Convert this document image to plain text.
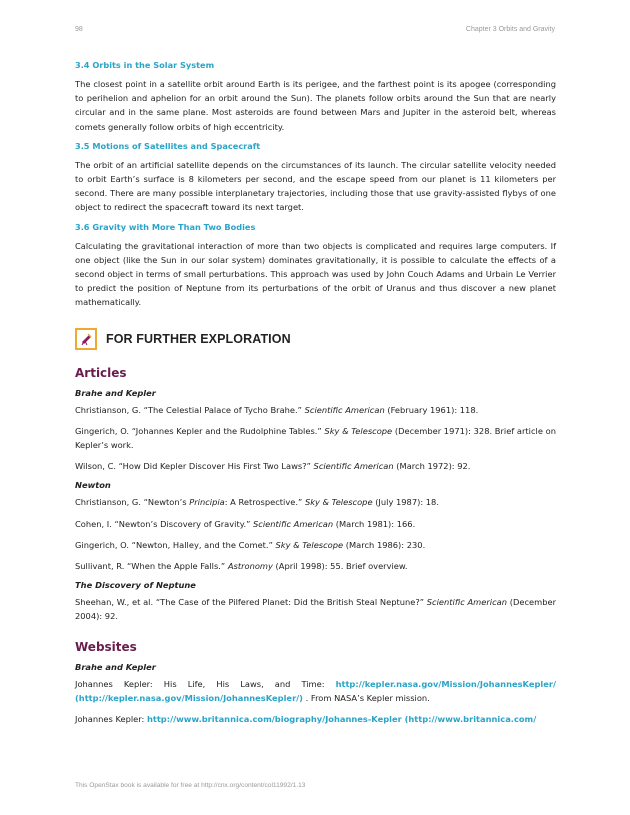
98	Chapter 3 Orbits and Gravity
3.4 Orbits in the Solar System

The closest point in a satellite orbit around Earth is its perigee, and the farthest point is its apogee (corresponding to perihelion and aphelion for an orbit around the Sun). The planets follow orbits around the Sun that are nearly circular and in the same plane. Most asteroids are found between Mars and Jupiter in the asteroid belt, whereas comets generally follow orbits of high eccentricity.

3.5 Motions of Satellites and Spacecraft

The orbit of an artificial satellite depends on the circumstances of its launch. The circular satellite velocity needed to orbit Earth’s surface is 8 kilometers per second, and the escape speed from our planet is 11 kilometers per second. There are many possible interplanetary trajectories, including those that use gravity-assisted flybys of one object to redirect the spacecraft toward its next target.

3.6 Gravity with More Than Two Bodies

Calculating the gravitational interaction of more than two objects is complicated and requires large computers. If one object (like the Sun in our solar system) dominates gravitationally, it is possible to calculate the effects of a second object in terms of small perturbations. This approach was used by John Couch Adams and Urbain Le Verrier to predict the position of Neptune from its perturbations of the orbit of Uranus and thus discover a new planet mathematically.

FOR FURTHER EXPLORATION
Articles
Brahe and Kepler

Christianson, G. “The Celestial Palace of Tycho Brahe.” Scientific American (February 1961): 118.

Gingerich, O. “Johannes Kepler and the Rudolphine Tables.” Sky & Telescope (December 1971): 328. Brief article on Kepler’s work.

Wilson, C. “How Did Kepler Discover His First Two Laws?” Scientific American (March 1972): 92.

Newton

Christianson, G. “Newton’s Principia: A Retrospective.” Sky & Telescope (July 1987): 18.

Cohen, I. “Newton’s Discovery of Gravity.” Scientific American (March 1981): 166.

Gingerich, O. “Newton, Halley, and the Comet.” Sky & Telescope (March 1986): 230.

Sullivant, R. “When the Apple Falls.” Astronomy (April 1998): 55. Brief overview.

The Discovery of Neptune

Sheehan, W., et al. “The Case of the Pilfered Planet: Did the British Steal Neptune?” Scientific American (December 2004): 92.

Websites
Brahe and Kepler

Johannes Kepler: His Life, His Laws, and Time: http://kepler.nasa.gov/Mission/JohannesKepler/ (http://kepler.nasa.gov/Mission/JohannesKepler/) . From NASA’s Kepler mission.

Johannes Kepler: http://www.britannica.com/biography/Johannes-Kepler (http://www.britannica.com/

This OpenStax book is available for free at http://cnx.org/content/col11992/1.13
